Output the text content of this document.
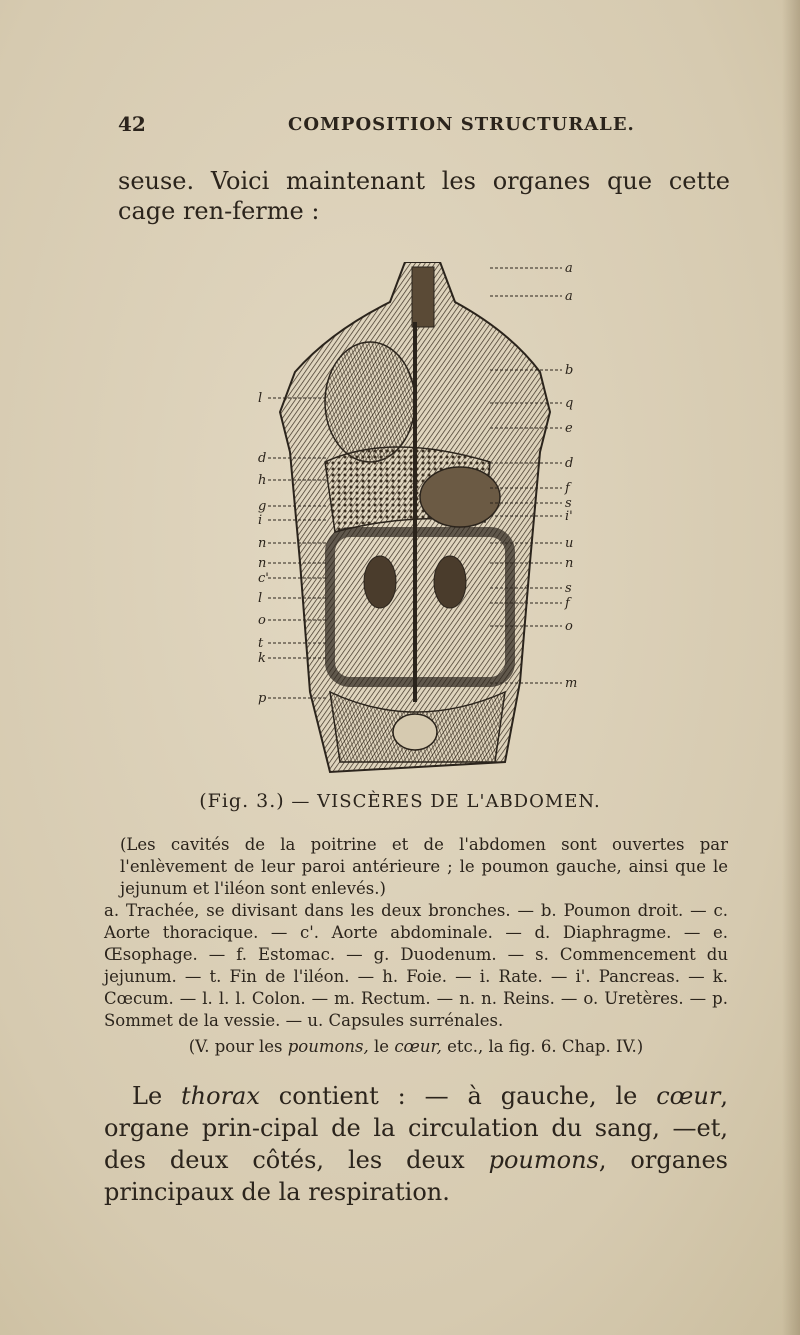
42	COMPOSITION STRUCTURALE.
seuse. Voici maintenant les organes que cette cage ren-ferme :
l
d
h
g
i
n
n
c'
l
o
t
k
p
a
a
b
q
e
d
f
s
i'
u
n
s
f
o
m
(Fig. 3.) — VISCÈRES DE L'ABDOMEN.

(Les cavités de la poitrine et de l'abdomen sont ouvertes par l'enlèvement de leur paroi antérieure ; le poumon gauche, ainsi que le jejunum et l'iléon sont enlevés.)

a. Trachée, se divisant dans les deux bronches. — b. Poumon droit. — c. Aorte thoracique. — c'. Aorte abdominale. — d. Diaphragme. — e. Œsophage. — f. Estomac. — g. Duodenum. — s. Commencement du jejunum. — t. Fin de l'iléon. — h. Foie. — i. Rate. — i'. Pancreas. — k. Cœcum. — l. l. l. Colon. — m. Rectum. — n. n. Reins. — o. Uretères. — p. Sommet de la vessie. — u. Capsules surrénales.

(V. pour les poumons, le cœur, etc., la fig. 6. Chap. IV.)

Le thorax contient : — à gauche, le cœur, organe prin-cipal de la circulation du sang, —et, des deux côtés, les deux poumons, organes principaux de la respiration.
